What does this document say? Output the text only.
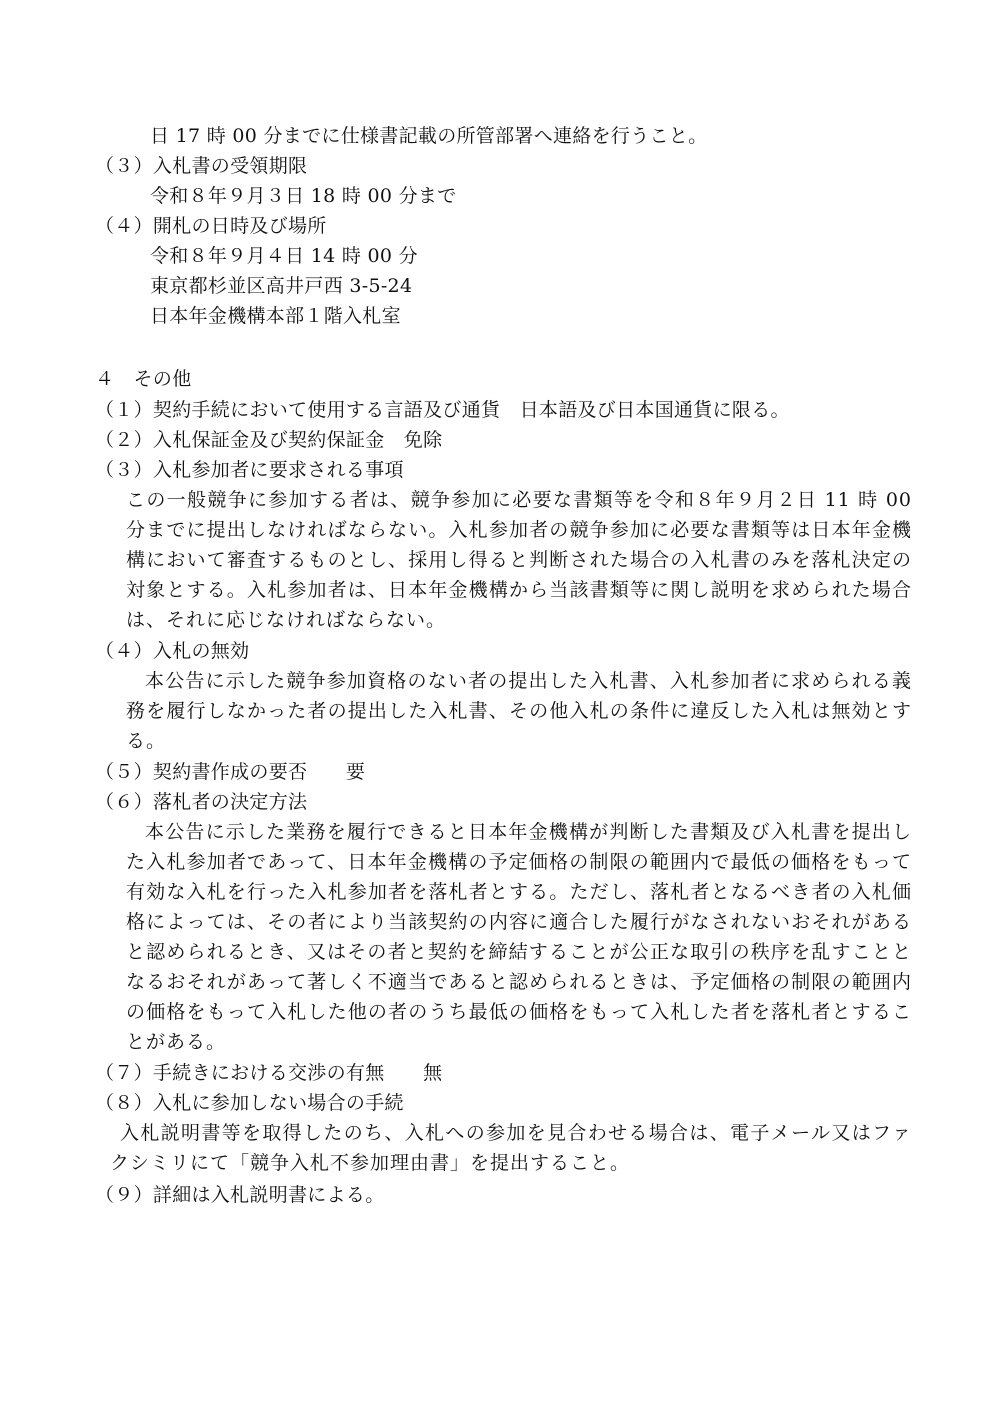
日 17 時 00 分までに仕様書記載の所管部署へ連絡を行うこと。
（３）入札書の受領期限
令和８年９月３日 18 時 00 分まで
（４）開札の日時及び場所
令和８年９月４日 14 時 00 分
東京都杉並区高井戸西 3-5-24
日本年金機構本部１階入札室
４　その他
（１）契約手続において使用する言語及び通貨　日本語及び日本国通貨に限る。
（２）入札保証金及び契約保証金　免除
（３）入札参加者に要求される事項
この一般競争に参加する者は、競争参加に必要な書類等を令和８年９月２日 11 時 00 分までに提出しなければならない。入札参加者の競争参加に必要な書類等は日本年金機構において審査するものとし、採用し得ると判断された場合の入札書のみを落札決定の対象とする。入札参加者は、日本年金機構から当該書類等に関し説明を求められた場合は、それに応じなければならない。
（４）入札の無効
本公告に示した競争参加資格のない者の提出した入札書、入札参加者に求められる義務を履行しなかった者の提出した入札書、その他入札の条件に違反した入札は無効とする。
（５）契約書作成の要否　　要
（６）落札者の決定方法
本公告に示した業務を履行できると日本年金機構が判断した書類及び入札書を提出した入札参加者であって、日本年金機構の予定価格の制限の範囲内で最低の価格をもって有効な入札を行った入札参加者を落札者とする。ただし、落札者となるべき者の入札価格によっては、その者により当該契約の内容に適合した履行がなされないおそれがあると認められるとき、又はその者と契約を締結することが公正な取引の秩序を乱すこととなるおそれがあって著しく不適当であると認められるときは、予定価格の制限の範囲内の価格をもって入札した他の者のうち最低の価格をもって入札した者を落札者とすることがある。
（７）手続きにおける交渉の有無　　無
（８）入札に参加しない場合の手続
入札説明書等を取得したのち、入札への参加を見合わせる場合は、電子メール又はファクシミリにて「競争入札不参加理由書」を提出すること。
（９）詳細は入札説明書による。
